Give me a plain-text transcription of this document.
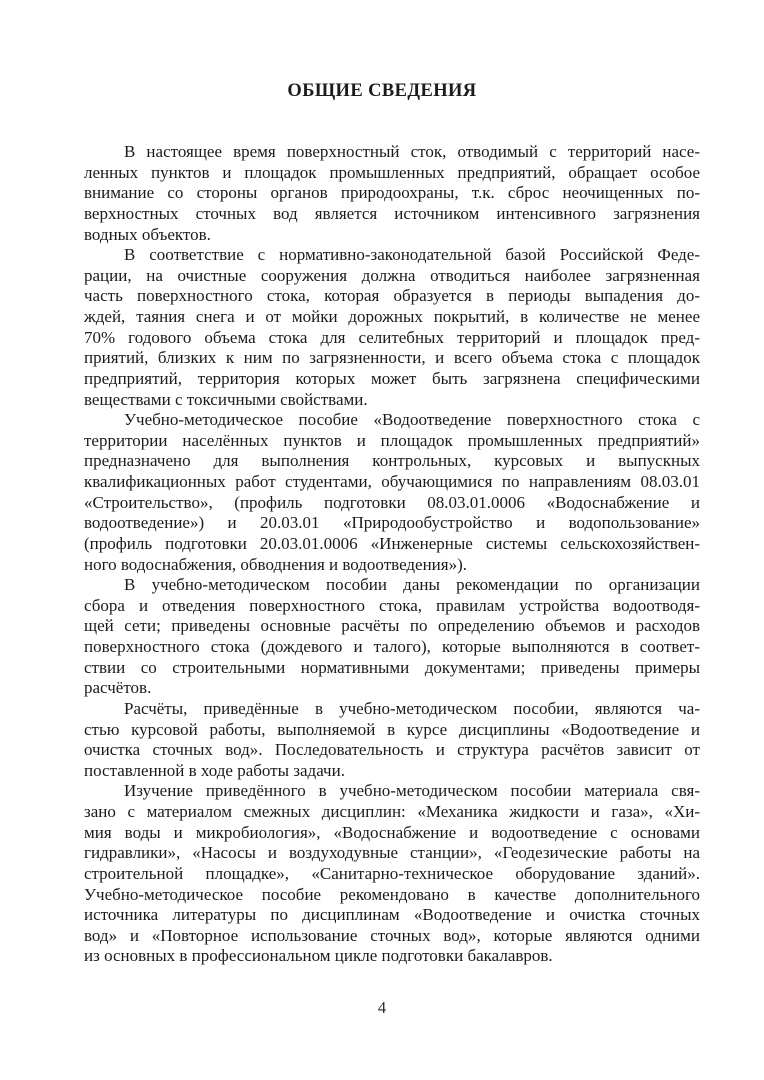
ОБЩИЕ СВЕДЕНИЯ
В настоящее время поверхностный сток, отводимый с территорий насе-
ленных пунктов и площадок промышленных предприятий, обращает особое
внимание со стороны органов природоохраны, т.к. сброс неочищенных по-
верхностных сточных вод является источником интенсивного загрязнения
водных объектов.
В соответствие с нормативно-законодательной базой Российской Феде-
рации, на очистные сооружения должна отводиться наиболее загрязненная
часть поверхностного стока, которая образуется в периоды выпадения до-
ждей, таяния снега и от мойки дорожных покрытий, в количестве не менее
70% годового объема стока для селитебных территорий и площадок пред-
приятий, близких к ним по загрязненности, и всего объема стока с площадок
предприятий, территория которых может быть загрязнена специфическими
веществами с токсичными свойствами.
Учебно-методическое пособие «Водоотведение поверхностного стока с
территории населённых пунктов и площадок промышленных предприятий»
предназначено для выполнения контрольных, курсовых и выпускных
квалификационных работ студентами, обучающимися по направлениям 08.03.01
«Строительство», (профиль подготовки 08.03.01.0006 «Водоснабжение и
водоотведение») и 20.03.01 «Природообустройство и водопользование»
(профиль подготовки 20.03.01.0006 «Инженерные системы сельскохозяйствен-
ного водоснабжения, обводнения и водоотведения»).
В учебно-методическом пособии даны рекомендации по организации
сбора и отведения поверхностного стока, правилам устройства водоотводя-
щей сети; приведены основные расчёты по определению объемов и расходов
поверхностного стока (дождевого и талого), которые выполняются в соответ-
ствии со строительными нормативными документами; приведены примеры
расчётов.
Расчёты, приведённые в учебно-методическом пособии, являются ча-
стью курсовой работы, выполняемой в курсе дисциплины «Водоотведение и
очистка сточных вод». Последовательность и структура расчётов зависит от
поставленной в ходе работы задачи.
Изучение приведённого в учебно-методическом пособии материала свя-
зано с материалом смежных дисциплин: «Механика жидкости и газа», «Хи-
мия воды и микробиология», «Водоснабжение и водоотведение с основами
гидравлики», «Насосы и воздуходувные станции», «Геодезические работы на
строительной площадке», «Санитарно-техническое оборудование зданий».
Учебно-методическое пособие рекомендовано в качестве дополнительного
источника литературы по дисциплинам «Водоотведение и очистка сточных
вод» и «Повторное использование сточных вод», которые являются одними
из основных в профессиональном цикле подготовки бакалавров.
4
